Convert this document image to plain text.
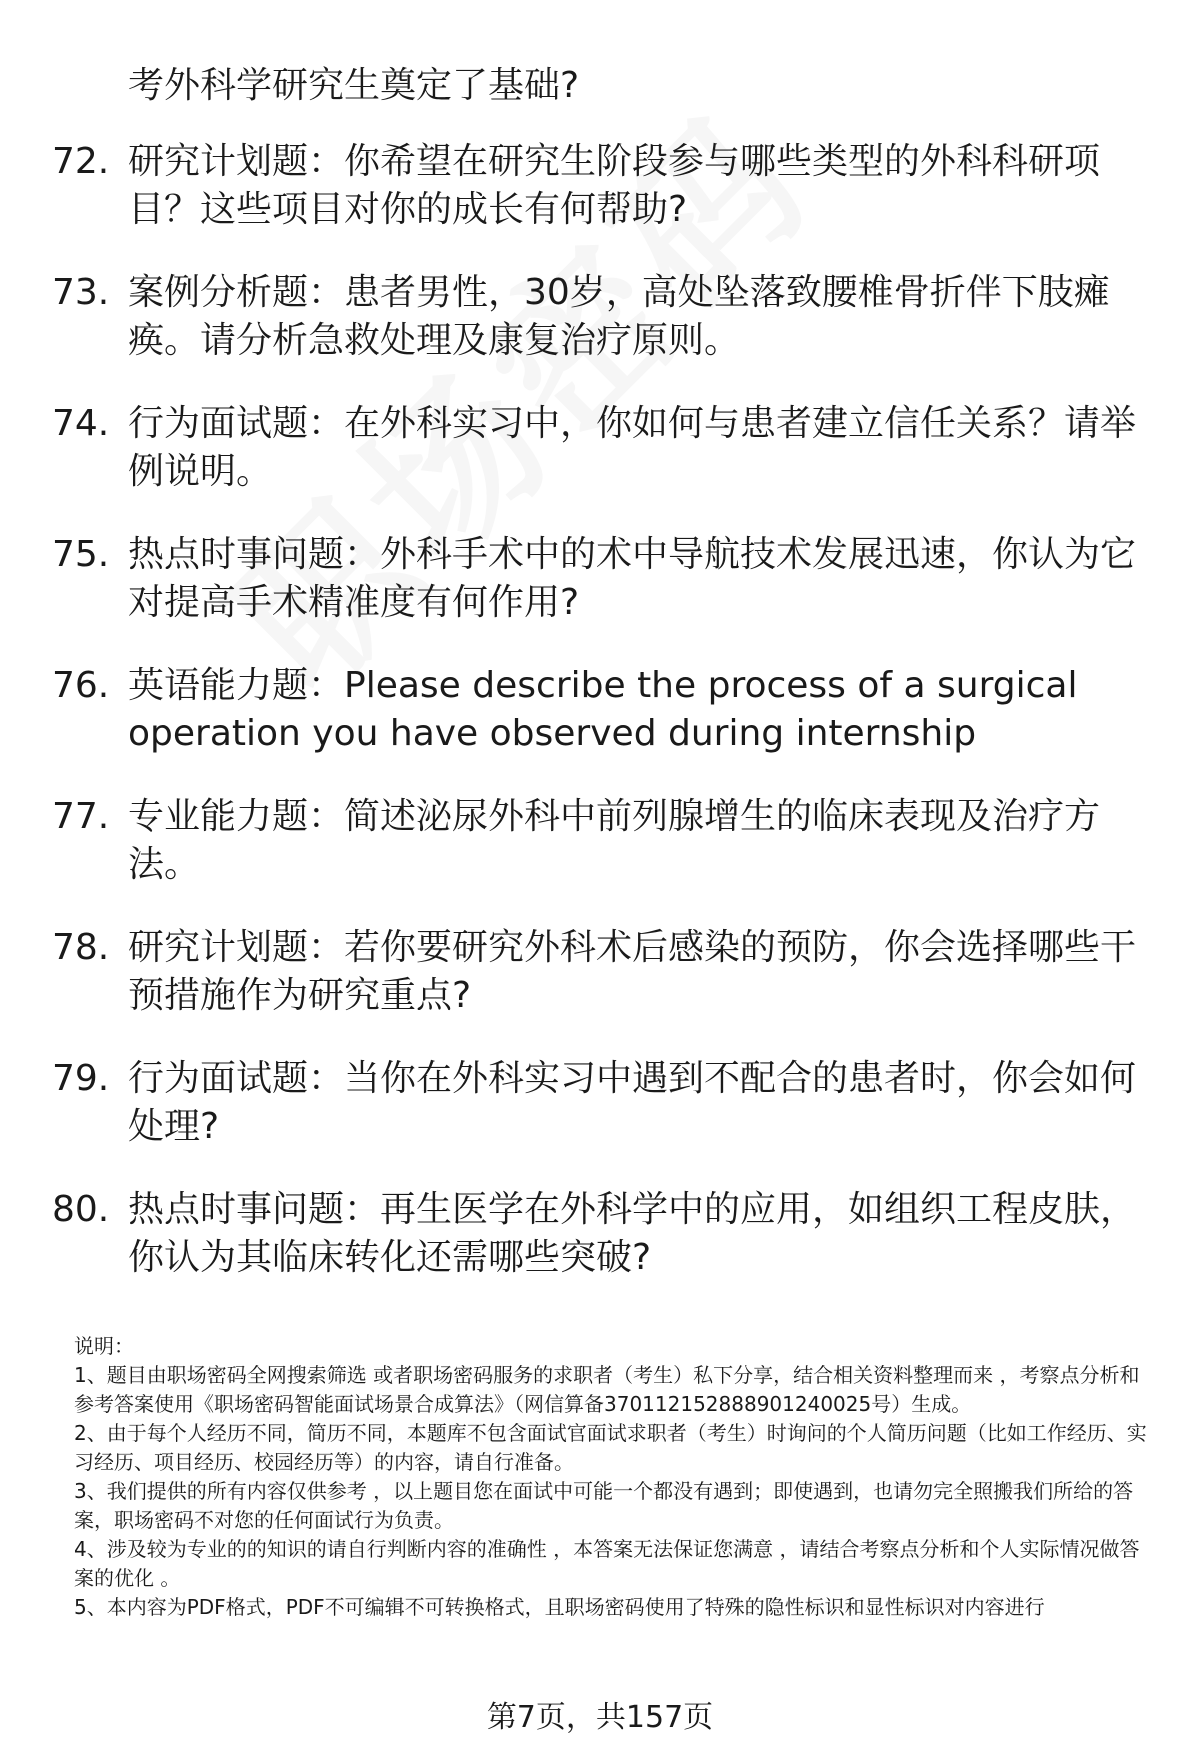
考外科学研究生奠定了基础?
72. 研究计划题：你希望在研究生阶段参与哪些类型的外科科研项目？这些项目对你的成长有何帮助?
73. 案例分析题：患者男性，30岁，高处坠落致腰椎骨折伴下肢瘫痪。请分析急救处理及康复治疗原则。
74. 行为面试题：在外科实习中，你如何与患者建立信任关系？请举例说明。
75. 热点时事问题：外科手术中的术中导航技术发展迅速，你认为它对提高手术精准度有何作用?
76. 英语能力题：Please describe the process of a surgical operation you have observed during internship
77. 专业能力题：简述泌尿外科中前列腺增生的临床表现及治疗方法。
78. 研究计划题：若你要研究外科术后感染的预防，你会选择哪些干预措施作为研究重点?
79. 行为面试题：当你在外科实习中遇到不配合的患者时，你会如何处理?
80. 热点时事问题：再生医学在外科学中的应用，如组织工程皮肤，你认为其临床转化还需哪些突破?

说明：

1、题目由职场密码全网搜索筛选 或者职场密码服务的求职者（考生）私下分享，结合相关资料整理而来 ，考察点分析和参考答案使用《职场密码智能面试场景合成算法》（网信算备370112152888901240025号）生成。

2、由于每个人经历不同，简历不同，本题库不包含面试官面试求职者（考生）时询问的个人简历问题（比如工作经历、实习经历、项目经历、校园经历等）的内容，请自行准备。

3、我们提供的所有内容仅供参考 ，以上题目您在面试中可能一个都没有遇到；即使遇到，也请勿完全照搬我们所给的答案，职场密码不对您的任何面试行为负责。

4、涉及较为专业的的知识的请自行判断内容的准确性 ，本答案无法保证您满意 ，请结合考察点分析和个人实际情况做答案的优化 。

5、本内容为PDF格式，PDF不可编辑不可转换格式，且职场密码使用了特殊的隐性标识和显性标识对内容进行

第7页，共157页
